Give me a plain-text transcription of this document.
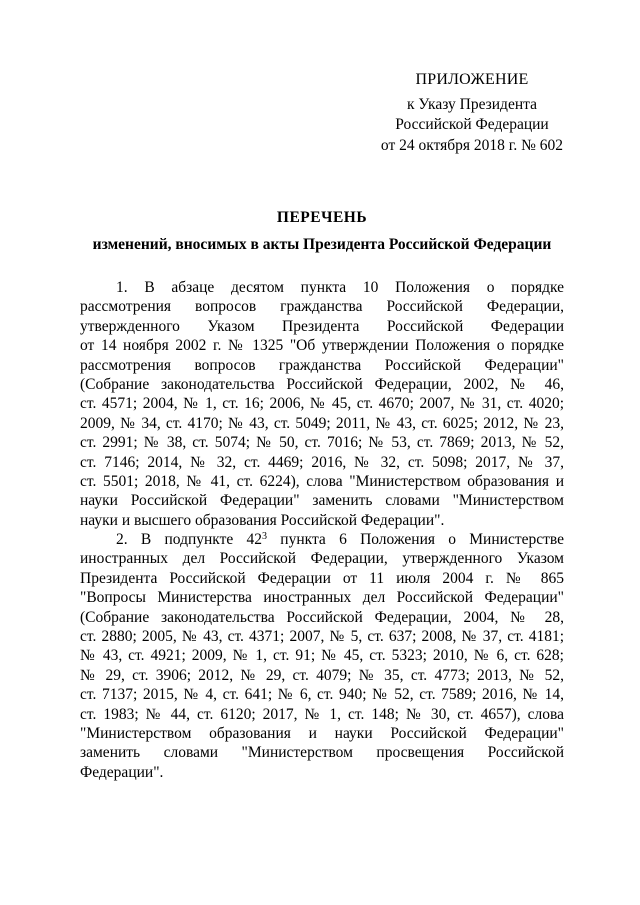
ПРИЛОЖЕНИЕ
к Указу Президента
Российской Федерации
от 24 октября 2018 г. № 602
ПЕРЕЧЕНЬ
изменений, вносимых в акты Президента Российской Федерации
1. В абзаце десятом пункта 10 Положения о порядке
рассмотрения вопросов гражданства Российской Федерации,
утвержденного Указом Президента Российской Федерации
от 14 ноября 2002 г. № 1325 "Об утверждении Положения о порядке
рассмотрения вопросов гражданства Российской Федерации"
(Собрание законодательства Российской Федерации, 2002, № 46,
ст. 4571; 2004, № 1, ст. 16; 2006, № 45, ст. 4670; 2007, № 31, ст. 4020;
2009, № 34, ст. 4170; № 43, ст. 5049; 2011, № 43, ст. 6025; 2012, № 23,
ст. 2991; № 38, ст. 5074; № 50, ст. 7016; № 53, ст. 7869; 2013, № 52,
ст. 7146; 2014, № 32, ст. 4469; 2016, № 32, ст. 5098; 2017, № 37,
ст. 5501; 2018, № 41, ст. 6224), слова "Министерством образования и
науки Российской Федерации" заменить словами "Министерством
науки и высшего образования Российской Федерации".
2. В подпункте $42^3$ пункта 6 Положения о Министерстве
иностранных дел Российской Федерации, утвержденного Указом
Президента Российской Федерации от 11 июля 2004 г. № 865
"Вопросы Министерства иностранных дел Российской Федерации"
(Собрание законодательства Российской Федерации, 2004, № 28,
ст. 2880; 2005, № 43, ст. 4371; 2007, № 5, ст. 637; 2008, № 37, ст. 4181;
№ 43, ст. 4921; 2009, № 1, ст. 91; № 45, ст. 5323; 2010, № 6, ст. 628;
№ 29, ст. 3906; 2012, № 29, ст. 4079; № 35, ст. 4773; 2013, № 52,
ст. 7137; 2015, № 4, ст. 641; № 6, ст. 940; № 52, ст. 7589; 2016, № 14,
ст. 1983; № 44, ст. 6120; 2017, № 1, ст. 148; № 30, ст. 4657), слова
"Министерством образования и науки Российской Федерации"
заменить словами "Министерством просвещения Российской
Федерации".
